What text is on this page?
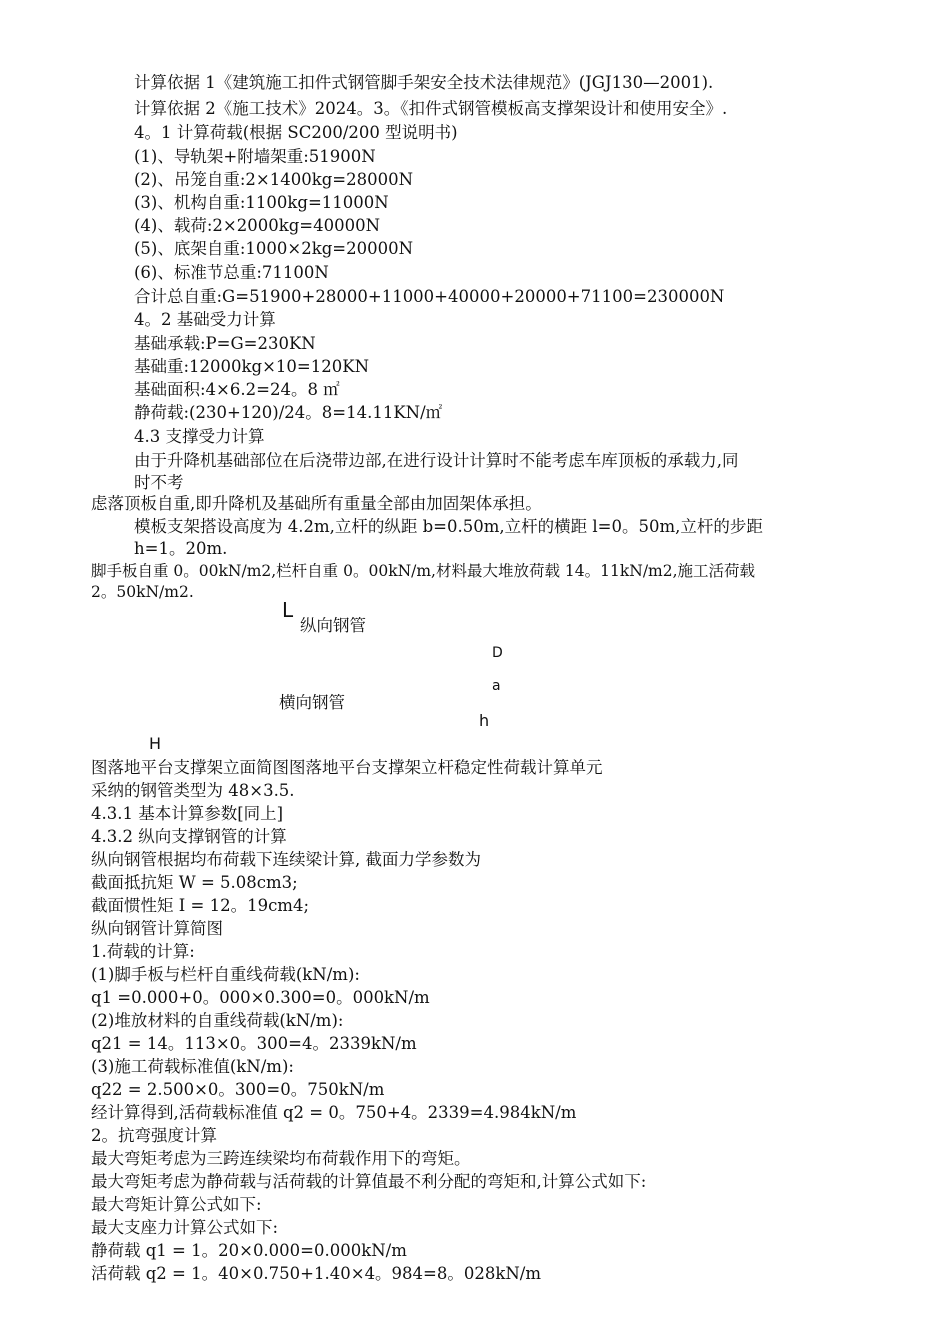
计算依据 1《建筑施工扣件式钢管脚手架安全技术法律规范》(JGJ130—2001).
计算依据 2《施工技术》2024。3。《扣件式钢管模板高支撑架设计和使用安全》.
4。1 计算荷载(根据 SC200/200 型说明书)
(1)、导轨架+附墙架重:51900N
(2)、吊笼自重:2×1400kg=28000N
(3)、机构自重:1100kg=11000N
(4)、载荷:2×2000kg=40000N
(5)、底架自重:1000×2kg=20000N
(6)、标准节总重:71100N
合计总自重:G=51900+28000+11000+40000+20000+71100=230000N
4。2 基础受力计算
基础承载:P=G=230KN
基础重:12000kg×10=120KN
基础面积:4×6.2=24。8 ㎡
静荷载:(230+120)/24。8=14.11KN/㎡
4.3 支撑受力计算
由于升降机基础部位在后浇带边部,在进行设计计算时不能考虑车库顶板的承载力,同
时不考
虑落顶板自重,即升降机及基础所有重量全部由加固架体承担。
模板支架搭设高度为 4.2m,立杆的纵距 b=0.50m,立杆的横距 l=0。50m,立杆的步距
h=1。20m.
脚手板自重 0。00kN/m2,栏杆自重 0。00kN/m,材料最大堆放荷载 14。11kN/m2,施工活荷载
2。50kN/m2.
L
纵向钢管
D
a
横向钢管
h
H
图落地平台支撑架立面简图图落地平台支撑架立杆稳定性荷载计算单元
采纳的钢管类型为 48×3.5.
4.3.1 基本计算参数[同上]
4.3.2 纵向支撑钢管的计算
纵向钢管根据均布荷载下连续梁计算, 截面力学参数为
截面抵抗矩 W = 5.08cm3;
截面惯性矩 I = 12。19cm4;
纵向钢管计算简图
1.荷载的计算:
(1)脚手板与栏杆自重线荷载(kN/m):
q1 =0.000+0。000×0.300=0。000kN/m
(2)堆放材料的自重线荷载(kN/m):
q21 = 14。113×0。300=4。2339kN/m
(3)施工荷载标准值(kN/m):
q22 = 2.500×0。300=0。750kN/m
经计算得到,活荷载标准值 q2 = 0。750+4。2339=4.984kN/m
2。抗弯强度计算
最大弯矩考虑为三跨连续梁均布荷载作用下的弯矩。
最大弯矩考虑为静荷载与活荷载的计算值最不利分配的弯矩和,计算公式如下:
最大弯矩计算公式如下:
最大支座力计算公式如下:
静荷载 q1 = 1。20×0.000=0.000kN/m
活荷载 q2 = 1。40×0.750+1.40×4。984=8。028kN/m
